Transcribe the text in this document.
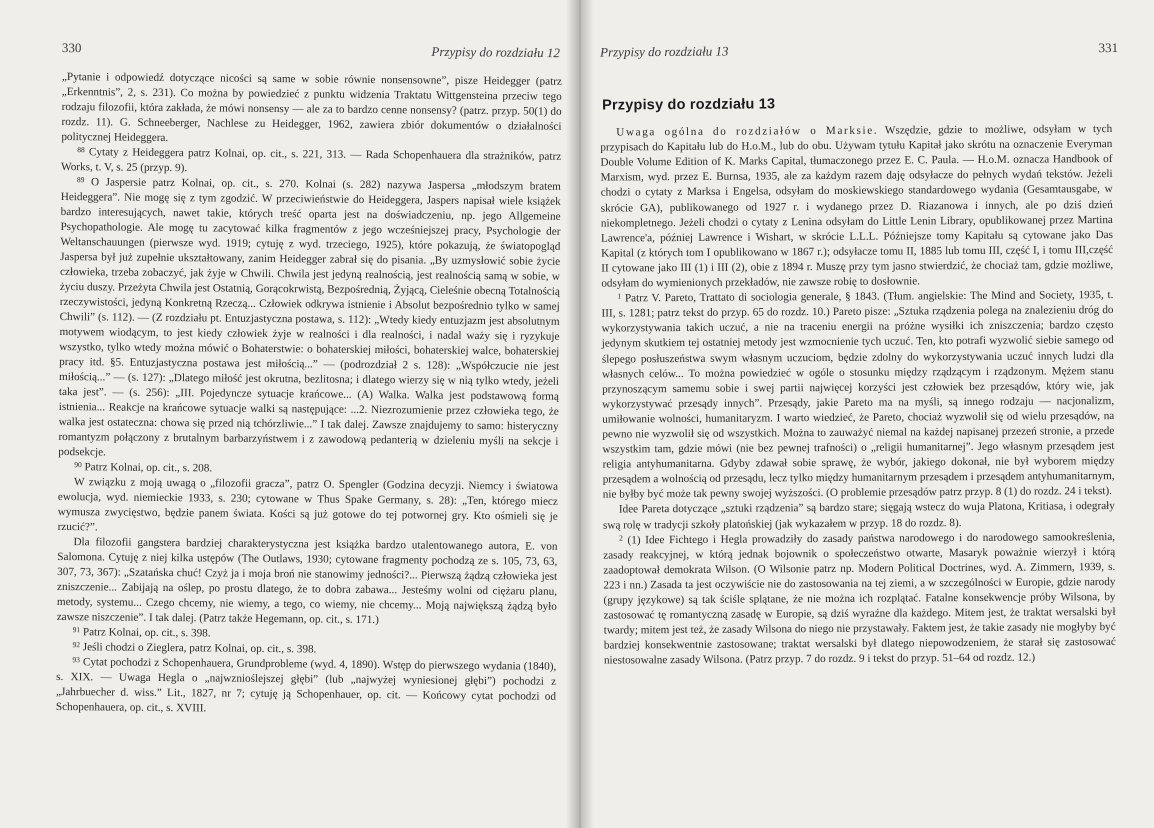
330	Przypisy do rozdziału 12

„Pytanie i odpowiedź dotyczące nicości są same w sobie równie nonsensowne”, pisze Heidegger (patrz „Erkenntnis”, 2, s. 231). Co można by powiedzieć z punktu widzenia Traktatu Wittgensteina przeciw tego rodzaju filozofii, która zakłada, że mówi nonsensy — ale za to bardzo cenne nonsensy? (patrz. przyp. 50(1) do rozdz. 11). G. Schneeberger, Nachlese zu Heidegger, 1962, zawiera zbiór dokumentów o działalności politycznej Heideggera.

$^{88}$ Cytaty z Heideggera patrz Kolnai, op. cit., s. 221, 313. — Rada Schopenhauera dla strażników, patrz Works, t. V, s. 25 (przyp. 9).

$^{89}$ O Jaspersie patrz Kolnai, op. cit., s. 270. Kolnai (s. 282) nazywa Jaspersa „młodszym bratem Heideggera”. Nie mogę się z tym zgodzić. W przeciwieństwie do Heideggera, Jaspers napisał wiele książek bardzo interesujących, nawet takie, których treść oparta jest na doświadczeniu, np. jego Allgemeine Psychopathologie. Ale mogę tu zacytować kilka fragmentów z jego wcześniejszej pracy, Psychologie der Weltanschauungen (pierwsze wyd. 1919; cytuję z wyd. trzeciego, 1925), które pokazują, że światopogląd Jaspersa był już zupełnie ukształtowany, zanim Heidegger zabrał się do pisania. „By uzmysłowić sobie życie człowieka, trzeba zobaczyć, jak żyje w Chwili. Chwila jest jedyną realnością, jest realnością samą w sobie, w życiu duszy. Przeżyta Chwila jest Ostatnią, Gorącokrwistą, Bezpośrednią, Żyjącą, Cieleśnie obecną Totalnością rzeczywistości, jedyną Konkretną Rzeczą... Człowiek odkrywa istnienie i Absolut bezpośrednio tylko w samej Chwili” (s. 112). — (Z rozdziału pt. Entuzjastyczna postawa, s. 112): „Wtedy kiedy entuzjazm jest absolutnym motywem wiodącym, to jest kiedy człowiek żyje w realności i dla realności, i nadal waży się i ryzykuje wszystko, tylko wtedy można mówić o Bohaterstwie: o bohaterskiej miłości, bohaterskiej walce, bohaterskiej pracy itd. §5. Entuzjastyczna postawa jest miłością...” — (podrozdział 2 s. 128): „Współczucie nie jest miłością...” — (s. 127): „Dlatego miłość jest okrutna, bezlitosna; i dlatego wierzy się w nią tylko wtedy, jeżeli taka jest”. — (s. 256): „III. Pojedyncze sytuacje krańcowe... (A) Walka. Walka jest podstawową formą istnienia... Reakcje na krańcowe sytuacje walki są następujące: ...2. Niezrozumienie przez człowieka tego, że walka jest ostateczna: chowa się przed nią tchórzliwie...” I tak dalej. Zawsze znajdujemy to samo: histeryczny romantyzm połączony z brutalnym barbarzyństwem i z zawodową pedanterią w dzieleniu myśli na sekcje i podsekcje.

$^{90}$ Patrz Kolnai, op. cit., s. 208.

W związku z moją uwagą o „filozofii gracza”, patrz O. Spengler (Godzina decyzji. Niemcy i światowa ewolucja, wyd. niemieckie 1933, s. 230; cytowane w Thus Spake Germany, s. 28): „Ten, którego miecz wymusza zwycięstwo, będzie panem świata. Kości są już gotowe do tej potwornej gry. Kto ośmieli się je rzucić?”.

Dla filozofii gangstera bardziej charakterystyczna jest książka bardzo utalentowanego autora, E. von Salomona. Cytuję z niej kilka ustępów (The Outlaws, 1930; cytowane fragmenty pochodzą ze s. 105, 73, 63, 307, 73, 367): „Szatańska chuć! Czyż ja i moja broń nie stanowimy jedności?... Pierwszą żądzą człowieka jest zniszczenie... Zabijają na oślep, po prostu dlatego, że to dobra zabawa... Jesteśmy wolni od ciężaru planu, metody, systemu... Czego chcemy, nie wiemy, a tego, co wiemy, nie chcemy... Moją największą żądzą było zawsze niszczenie”. I tak dalej. (Patrz także Hegemann, op. cit., s. 171.)

$^{91}$ Patrz Kolnai, op. cit., s. 398.

$^{92}$ Jeśli chodzi o Zieglera, patrz Kolnai, op. cit., s. 398.

$^{93}$ Cytat pochodzi z Schopenhauera, Grundprobleme (wyd. 4, 1890). Wstęp do pierwszego wydania (1840), s. XIX. — Uwaga Hegla o „najwznioślejszej głębi” (lub „najwyżej wyniesionej głębi”) pochodzi z „Jahrbuecher d. wiss.” Lit., 1827, nr 7; cytuję ją Schopenhauer, op. cit. — Końcowy cytat pochodzi od Schopenhauera, op. cit., s. XVIII.

Przypisy do rozdziału 13	331
Przypisy do rozdziału 13

Uwaga ogólna do rozdziałów o Marksie. Wszędzie, gdzie to możliwe, odsyłam w tych przypisach do Kapitału lub do H.o.M., lub do obu. Używam tytułu Kapitał jako skrótu na oznaczenie Everyman Double Volume Edition of K. Marks Capital, tłumaczonego przez E. C. Paula. — H.o.M. oznacza Handbook of Marxism, wyd. przez E. Burnsa, 1935, ale za każdym razem daję odsyłacze do pełnych wydań tekstów. Jeżeli chodzi o cytaty z Marksa i Engelsa, odsyłam do moskiewskiego standardowego wydania (Gesamtausgabe, w skrócie GA), publikowanego od 1927 r. i wydanego przez D. Riazanowa i innych, ale po dziś dzień niekompletnego. Jeżeli chodzi o cytaty z Lenina odsyłam do Little Lenin Library, opublikowanej przez Martina Lawrence'a, później Lawrence i Wishart, w skrócie L.L.L. Późniejsze tomy Kapitału są cytowane jako Das Kapital (z których tom I opublikowano w 1867 r.); odsyłacze tomu II, 1885 lub tomu III, część I, i tomu III,część II cytowane jako III (1) i III (2), obie z 1894 r. Muszę przy tym jasno stwierdzić, że chociaż tam, gdzie możliwe, odsyłam do wymienionych przekładów, nie zawsze robię to dosłownie.

$^1$ Patrz V. Pareto, Trattato di sociologia generale, § 1843. (Tłum. angielskie: The Mind and Society, 1935, t. III, s. 1281; patrz tekst do przyp. 65 do rozdz. 10.) Pareto pisze: „Sztuka rządzenia polega na znalezieniu dróg do wykorzystywania takich uczuć, a nie na traceniu energii na próżne wysiłki ich zniszczenia; bardzo często jedynym skutkiem tej ostatniej metody jest wzmocnienie tych uczuć. Ten, kto potrafi wyzwolić siebie samego od ślepego posłuszeństwa swym własnym uczuciom, będzie zdolny do wykorzystywania uczuć innych ludzi dla własnych celów... To można powiedzieć w ogóle o stosunku między rządzącym i rządzonym. Mężem stanu przynoszącym samemu sobie i swej partii najwięcej korzyści jest człowiek bez przesądów, który wie, jak wykorzystywać przesądy innych”. Przesądy, jakie Pareto ma na myśli, są innego rodzaju — nacjonalizm, umiłowanie wolności, humanitaryzm. I warto wiedzieć, że Pareto, chociaż wyzwolił się od wielu przesądów, na pewno nie wyzwolił się od wszystkich. Można to zauważyć niemal na każdej napisanej przezeń stronie, a przede wszystkim tam, gdzie mówi (nie bez pewnej trafności) o „religii humanitarnej”. Jego własnym przesądem jest religia antyhumanitarna. Gdyby zdawał sobie sprawę, że wybór, jakiego dokonał, nie był wyborem między przesądem a wolnością od przesądu, lecz tylko między humanitarnym przesądem i przesądem antyhumanitarnym, nie byłby być może tak pewny swojej wyższości. (O problemie przesądów patrz przyp. 8 (1) do rozdz. 24 i tekst).

Idee Pareta dotyczące „sztuki rządzenia” są bardzo stare; sięgają wstecz do wuja Platona, Kritiasa, i odegrały swą rolę w tradycji szkoły platońskiej (jak wykazałem w przyp. 18 do rozdz. 8).

$^2$ (1) Idee Fichtego i Hegla prowadziły do zasady państwa narodowego i do narodowego samookreślenia, zasady reakcyjnej, w którą jednak bojownik o społeczeństwo otwarte, Masaryk poważnie wierzył i którą zaadoptował demokrata Wilson. (O Wilsonie patrz np. Modern Political Doctrines, wyd. A. Zimmern, 1939, s. 223 i nn.) Zasada ta jest oczywiście nie do zastosowania na tej ziemi, a w szczególności w Europie, gdzie narody (grupy językowe) są tak ściśle splątane, że nie można ich rozplątać. Fatalne konsekwencje próby Wilsona, by zastosować tę romantyczną zasadę w Europie, są dziś wyraźne dla każdego. Mitem jest, że traktat wersalski był twardy; mitem jest też, że zasady Wilsona do niego nie przystawały. Faktem jest, że takie zasady nie mogłyby być bardziej konsekwentnie zastosowane; traktat wersalski był dlatego niepowodzeniem, że starał się zastosować niestosowalne zasady Wilsona. (Patrz przyp. 7 do rozdz. 9 i tekst do przyp. 51–64 od rozdz. 12.)
